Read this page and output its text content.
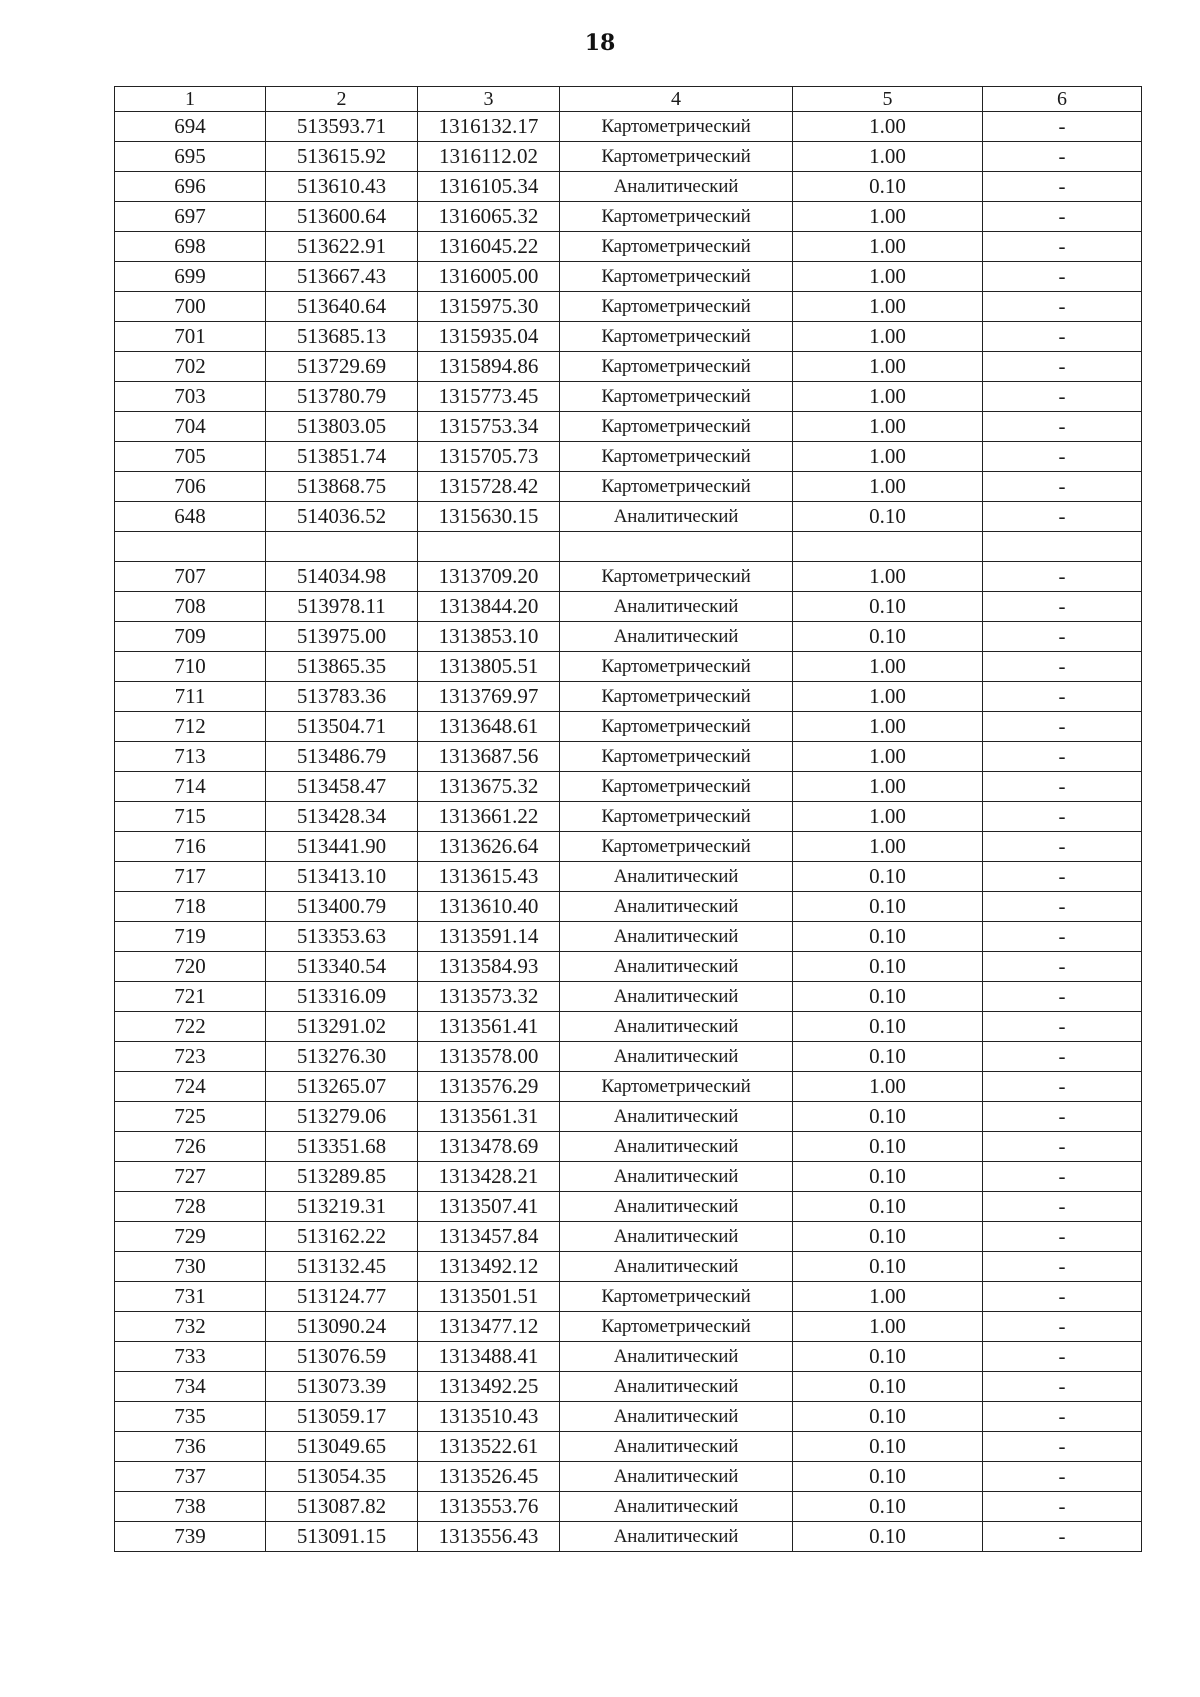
18
1	2	3	4	5	6
694	513593.71	1316132.17	Картометрический	1.00	-
695	513615.92	1316112.02	Картометрический	1.00	-
696	513610.43	1316105.34	Аналитический	0.10	-
697	513600.64	1316065.32	Картометрический	1.00	-
698	513622.91	1316045.22	Картометрический	1.00	-
699	513667.43	1316005.00	Картометрический	1.00	-
700	513640.64	1315975.30	Картометрический	1.00	-
701	513685.13	1315935.04	Картометрический	1.00	-
702	513729.69	1315894.86	Картометрический	1.00	-
703	513780.79	1315773.45	Картометрический	1.00	-
704	513803.05	1315753.34	Картометрический	1.00	-
705	513851.74	1315705.73	Картометрический	1.00	-
706	513868.75	1315728.42	Картометрический	1.00	-
648	514036.52	1315630.15	Аналитический	0.10	-

707	514034.98	1313709.20	Картометрический	1.00	-
708	513978.11	1313844.20	Аналитический	0.10	-
709	513975.00	1313853.10	Аналитический	0.10	-
710	513865.35	1313805.51	Картометрический	1.00	-
711	513783.36	1313769.97	Картометрический	1.00	-
712	513504.71	1313648.61	Картометрический	1.00	-
713	513486.79	1313687.56	Картометрический	1.00	-
714	513458.47	1313675.32	Картометрический	1.00	-
715	513428.34	1313661.22	Картометрический	1.00	-
716	513441.90	1313626.64	Картометрический	1.00	-
717	513413.10	1313615.43	Аналитический	0.10	-
718	513400.79	1313610.40	Аналитический	0.10	-
719	513353.63	1313591.14	Аналитический	0.10	-
720	513340.54	1313584.93	Аналитический	0.10	-
721	513316.09	1313573.32	Аналитический	0.10	-
722	513291.02	1313561.41	Аналитический	0.10	-
723	513276.30	1313578.00	Аналитический	0.10	-
724	513265.07	1313576.29	Картометрический	1.00	-
725	513279.06	1313561.31	Аналитический	0.10	-
726	513351.68	1313478.69	Аналитический	0.10	-
727	513289.85	1313428.21	Аналитический	0.10	-
728	513219.31	1313507.41	Аналитический	0.10	-
729	513162.22	1313457.84	Аналитический	0.10	-
730	513132.45	1313492.12	Аналитический	0.10	-
731	513124.77	1313501.51	Картометрический	1.00	-
732	513090.24	1313477.12	Картометрический	1.00	-
733	513076.59	1313488.41	Аналитический	0.10	-
734	513073.39	1313492.25	Аналитический	0.10	-
735	513059.17	1313510.43	Аналитический	0.10	-
736	513049.65	1313522.61	Аналитический	0.10	-
737	513054.35	1313526.45	Аналитический	0.10	-
738	513087.82	1313553.76	Аналитический	0.10	-
739	513091.15	1313556.43	Аналитический	0.10	-
